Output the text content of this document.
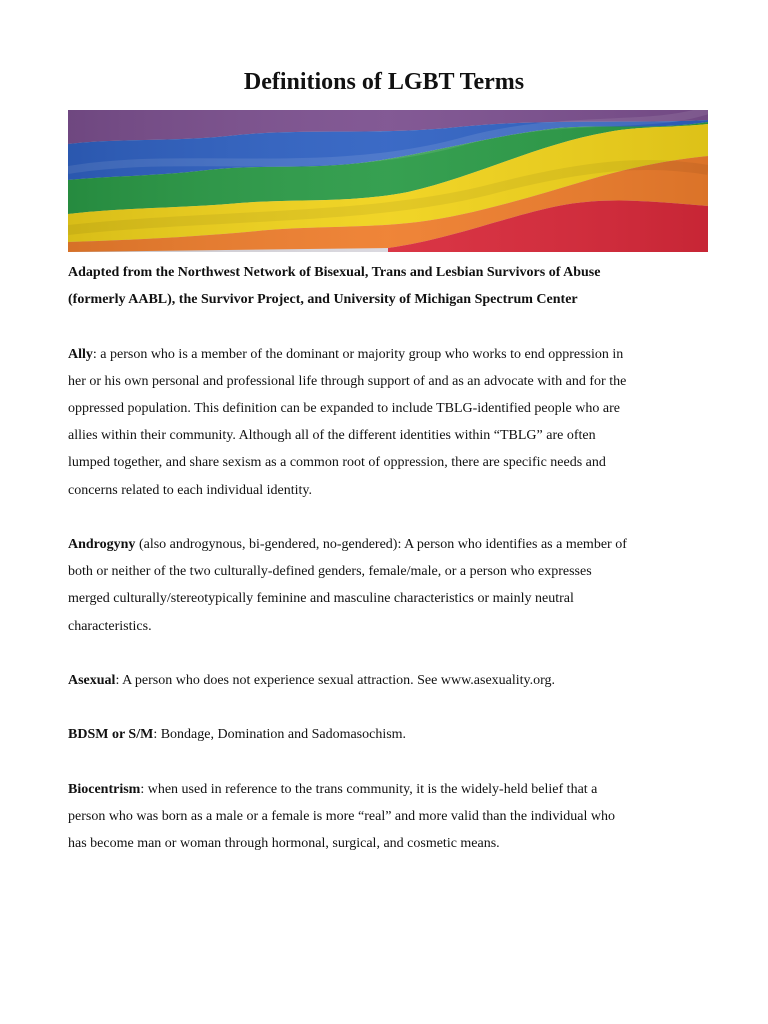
Definitions of LGBT Terms

Adapted from the Northwest Network of Bisexual, Trans and Lesbian Survivors of Abuse

(formerly AABL), the Survivor Project, and University of Michigan Spectrum Center

Ally: a person who is a member of the dominant or majority group who works to end oppression in

her or his own personal and professional life through support of and as an advocate with and for the

oppressed population. This definition can be expanded to include TBLG-identified people who are

allies within their community. Although all of the different identities within “TBLG” are often

lumped together, and share sexism as a common root of oppression, there are specific needs and

concerns related to each individual identity.

Androgyny (also androgynous, bi-gendered, no-gendered): A person who identifies as a member of

both or neither of the two culturally-defined genders, female/male, or a person who expresses

merged culturally/stereotypically feminine and masculine characteristics or mainly neutral

characteristics.

Asexual: A person who does not experience sexual attraction. See www.asexuality.org.

BDSM or S/M: Bondage, Domination and Sadomasochism.

Biocentrism: when used in reference to the trans community, it is the widely-held belief that a

person who was born as a male or a female is more “real” and more valid than the individual who

has become man or woman through hormonal, surgical, and cosmetic means.
